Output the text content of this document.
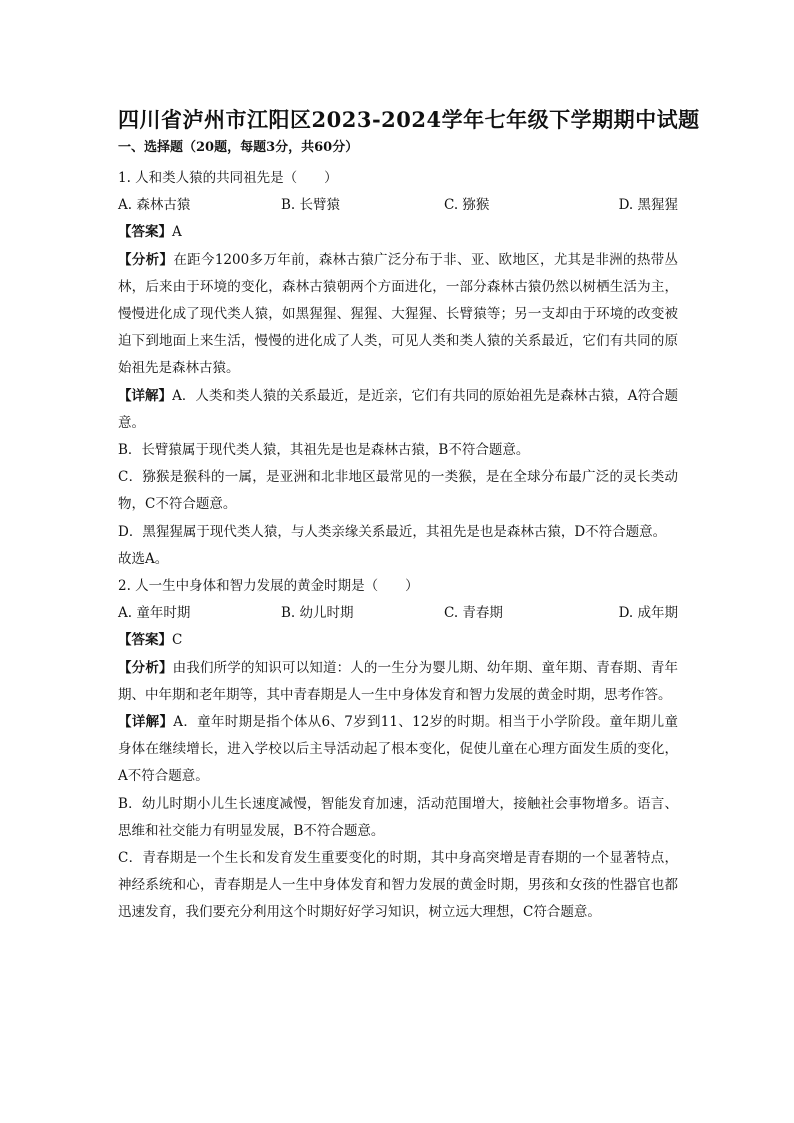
四川省泸州市江阳区2023-2024学年七年级下学期期中试题
一、选择题（20题，每题3分，共60分）

1. 人和类人猿的共同祖先是（　　）

A. 森林古猿	B. 长臂猿	C. 猕猴	D. 黑猩猩

【答案】A

【分析】在距今1200多万年前，森林古猿广泛分布于非、亚、欧地区，尤其是非洲的热带丛林，后来由于环境的变化，森林古猿朝两个方面进化，一部分森林古猿仍然以树栖生活为主，慢慢进化成了现代类人猿，如黑猩猩、猩猩、大猩猩、长臂猿等；另一支却由于环境的改变被迫下到地面上来生活，慢慢的进化成了人类，可见人类和类人猿的关系最近，它们有共同的原始祖先是森林古猿。

【详解】A．人类和类人猿的关系最近，是近亲，它们有共同的原始祖先是森林古猿，A符合题意。

B．长臂猿属于现代类人猿，其祖先是也是森林古猿，B不符合题意。

C．猕猴是猴科的一属，是亚洲和北非地区最常见的一类猴，是在全球分布最广泛的灵长类动物，C不符合题意。

D．黑猩猩属于现代类人猿，与人类亲缘关系最近，其祖先是也是森林古猿，D不符合题意。

故选A。

2. 人一生中身体和智力发展的黄金时期是（　　）

A. 童年时期	B. 幼儿时期	C. 青春期	D. 成年期

【答案】C

【分析】由我们所学的知识可以知道：人的一生分为婴儿期、幼年期、童年期、青春期、青年期、中年期和老年期等，其中青春期是人一生中身体发育和智力发展的黄金时期，思考作答。

【详解】A．童年时期是指个体从6、7岁到11、12岁的时期。相当于小学阶段。童年期儿童身体在继续增长，进入学校以后主导活动起了根本变化，促使儿童在心理方面发生质的变化，A不符合题意。

B．幼儿时期小儿生长速度减慢，智能发育加速，活动范围增大，接触社会事物增多。语言、思维和社交能力有明显发展，B不符合题意。

C．青春期是一个生长和发育发生重要变化的时期，其中身高突增是青春期的一个显著特点，神经系统和心，青春期是人一生中身体发育和智力发展的黄金时期，男孩和女孩的性器官也都迅速发育，我们要充分利用这个时期好好学习知识，树立远大理想，C符合题意。
